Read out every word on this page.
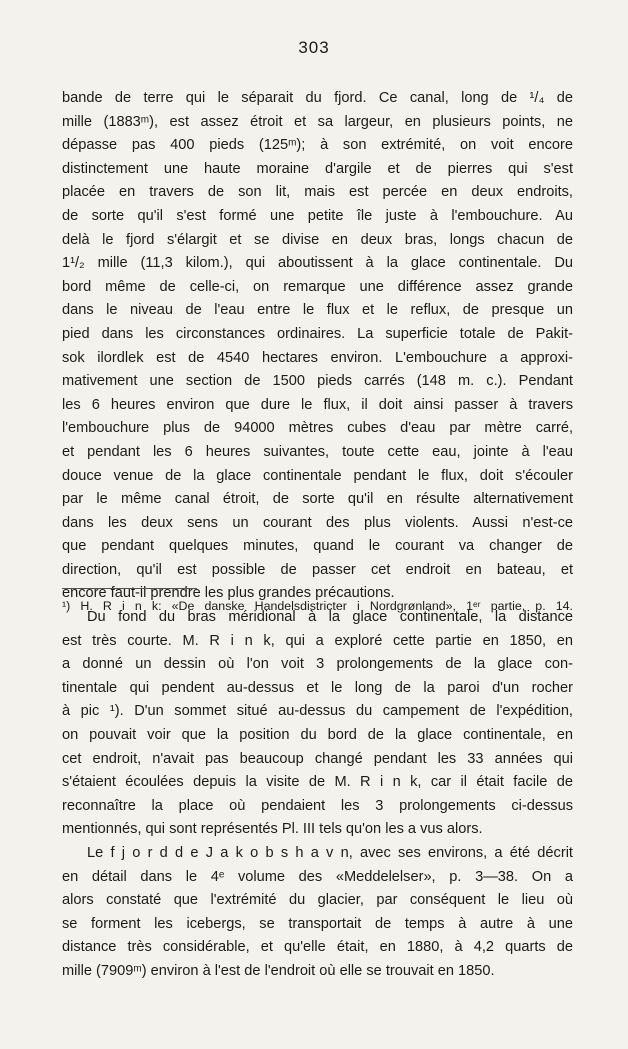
303
bande de terre qui le séparait du fjord. Ce canal, long de ¹/₄ de
mille (1883ᵐ), est assez étroit et sa largeur, en plusieurs points, ne
dépasse pas 400 pieds (125ᵐ); à son extrémité, on voit encore
distinctement une haute moraine d'argile et de pierres qui s'est
placée en travers de son lit, mais est percée en deux endroits,
de sorte qu'il s'est formé une petite île juste à l'embouchure. Au
delà le fjord s'élargit et se divise en deux bras, longs chacun de
1¹/₂ mille (11,3 kilom.), qui aboutissent à la glace continentale. Du
bord même de celle-ci, on remarque une différence assez grande
dans le niveau de l'eau entre le flux et le reflux, de presque un
pied dans les circonstances ordinaires. La superficie totale de Pakit-
sok ilordlek est de 4540 hectares environ. L'embouchure a approxi-
mativement une section de 1500 pieds carrés (148 m. c.). Pendant
les 6 heures environ que dure le flux, il doit ainsi passer à travers
l'embouchure plus de 94000 mètres cubes d'eau par mètre carré,
et pendant les 6 heures suivantes, toute cette eau, jointe à l'eau
douce venue de la glace continentale pendant le flux, doit s'écouler
par le même canal étroit, de sorte qu'il en résulte alternativement
dans les deux sens un courant des plus violents. Aussi n'est-ce
que pendant quelques minutes, quand le courant va changer de
direction, qu'il est possible de passer cet endroit en bateau, et
encore faut-il prendre les plus grandes précautions.
Du fond du bras méridional à la glace continentale, la distance
est très courte. M. R i n k, qui a exploré cette partie en 1850, en
a donné un dessin où l'on voit 3 prolongements de la glace con-
tinentale qui pendent au-dessus et le long de la paroi d'un rocher
à pic ¹). D'un sommet situé au-dessus du campement de l'expédition,
on pouvait voir que la position du bord de la glace continentale, en
cet endroit, n'avait pas beaucoup changé pendant les 33 années qui
s'étaient écoulées depuis la visite de M. R i n k, car il était facile de
reconnaître la place où pendaient les 3 prolongements ci-dessus
mentionnés, qui sont représentés Pl. III tels qu'on les a vus alors.
Le f j o r d d e J a k o b s h a v n, avec ses environs, a été décrit
en détail dans le 4ᵉ volume des «Meddelelser», p. 3—38. On a
alors constaté que l'extrémité du glacier, par conséquent le lieu où
se forment les icebergs, se transportait de temps à autre à une
distance très considérable, et qu'elle était, en 1880, à 4,2 quarts de
mille (7909ᵐ) environ à l'est de l'endroit où elle se trouvait en 1850.
¹) H. R i n k: «De danske Handelsdistricter i Nordgrønland», 1ᵉʳ partie, p. 14.
